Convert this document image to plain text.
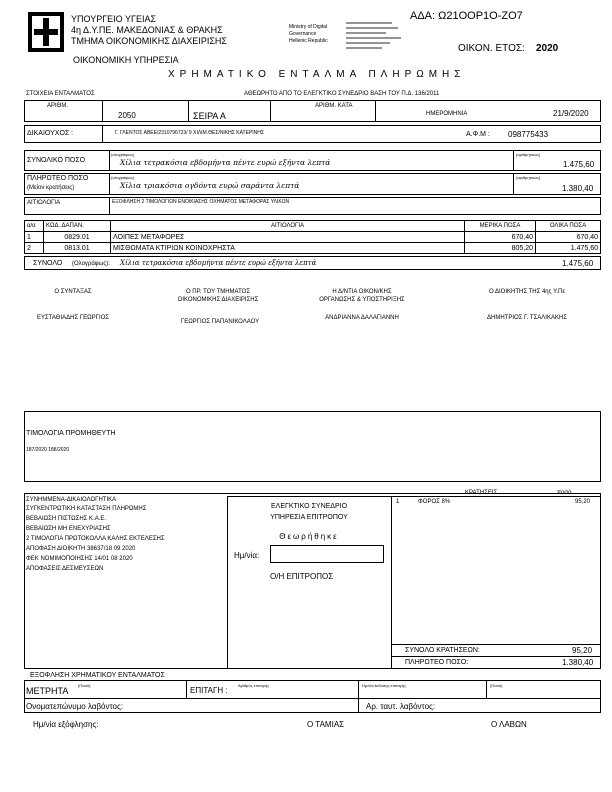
ΥΠΟΥΡΓΕΙΟ ΥΓΕΙΑΣ
4η Δ.Υ.ΠΕ. ΜΑΚΕΔΟΝΙΑΣ & ΘΡΑΚΗΣ
ΤΜΗΜΑ ΟΙΚΟΝΟΜΙΚΗΣ ΔΙΑΧΕΙΡΙΣΗΣ
ΟΙΚΟΝΟΜΙΚΗ ΥΠΗΡΕΣΙΑ
Ministry of Digital
Governance
Hellenic Republic
ΑΔΑ: Ω21ΟΟΡ1Ο-ΖΟ7
ΟΙΚΟΝ. ΕΤΟΣ: 2020
ΧΡΗΜΑΤΙΚΟ ΕΝΤΑΛΜΑ ΠΛΗΡΩΜΗΣ
ΣΤΟΙΧΕΙΑ ΕΝΤΑΛΜΑΤΟΣ	ΑΘΕΩΡΗΤΟ ΑΠΟ ΤΟ ΕΛΕΓΚΤΙΚΟ ΣΥΝΕΔΡΙΟ ΒΑΣΗ ΤΟΥ Π.Δ. 136/2011
ΑΡΙΘΜ.
2050	ΣΕΙΡΑ Α
ΑΡΙΘΜ. ΚΑΤΑ
ΗΜΕΡΟΜΗΝΙΑ	21/9/2020
ΔΙΚΑΙΟΥΧΟΣ :	Γ. ΓΛΕΝΤΟΣ ΑΒΕΕ/2310796723/ 9 ΧΙΛΙΜ.ΘΕΣ/ΝΙΚΗΣ ΚΑΤΕΡΙΝΗΣ	Α.Φ.Μ : 098775433
ΣΥΝΟΛΙΚΟ ΠΟΣΟ
(ολογράφως)
Χίλια τετρακόσια εβδομήντα πέντε ευρώ εξήντα λεπτά
(αριθμητικώς)
1.475,60
ΠΛΗΡΩΤΕΟ ΠΟΣΟ
(Μείον κρατήσεις)
(ολογράφως)
Χίλια τριακόσια ογδόντα ευρώ σαράντα λεπτά
(αριθμητικώς)
1.380,40
ΑΙΤΙΟΛΟΓΙΑ	ΕΞΟΦΛΗΣΗ 2 ΤΙΜΟΛΟΓΙΩΝ ΕΝΟΙΚΙΑΣΗΣ ΟΧΗΜΑΤΟΣ ΜΕΤΑΦΟΡΑΣ ΥΛΙΚΩΝ
α/α	ΚΩΔ. ΔΑΠΑΝ.	ΑΙΤΙΟΛΟΓΙΑ	ΜΕΡΙΚΑ ΠΟΣΑ	ΟΛΙΚΑ ΠΟΣΑ
1	0829.01	ΛΟΙΠΕΣ ΜΕΤΑΦΟΡΕΣ	670,40	670,40
2	0813.01	ΜΙΣΘΩΜΑΤΑ ΚΤΙΡΙΩΝ ΚΟΙΝΟΧΡΗΣΤΑ	805,20	1.475,60
ΣΥΝΟΛΟ (Ολογράφως): Χίλια τετρακόσια εβδομήντα πέντε ευρώ εξήντα λεπτά	1.475,60
Ο ΣΥΝΤΑΞΑΣ
ΕΥΣΤΑΘΙΑΔΗΣ ΓΕΩΡΓΙΟΣ
Ο ΠΡ. ΤΟΥ ΤΜΗΜΑΤΟΣ
ΟΙΚΟΝΟΜΙΚΗΣ ΔΙΑΧΕΙΡΙΣΗΣ
ΓΕΩΡΓΙΟΣ ΠΑΠΑΝΙΚΟΛΑΟΥ
Η Δ/ΝΤΙΑ ΟΙΚΟΝ/ΚΗΣ
ΟΡΓΑΝΩΣΗΣ & ΥΠΟΣΤΗΡΙΞΗΣ
ΑΝΔΡΙΑΝΝΑ ΔΑΛΑΓΙΑΝΝΗ
Ο ΔΙΟΙΚΗΤΗΣ ΤΗΣ 4ης Υ.Πε
ΔΗΜΗΤΡΙΟΣ Γ. ΤΣΑΛΙΚΑΚΗΣ
ΤΙΜΟΛΟΓΙΑ ΠΡΟΜΗΘΕΥΤΗ
187/2020 188/2020
ΣΥΝΗΜΜΕΝΑ-ΔΙΚΑΙΟΛΟΓΗΤΙΚΑ
ΣΥΓΚΕΝΤΡΩΤΙΚΗ ΚΑΤΑΣΤΑΣΗ ΠΛΗΡΩΜΗΣ
ΒΕΒΑΙΩΣΗ ΠΙΣΤΩΣΗΣ Κ.Α.Ε.
ΒΕΒΑΙΩΣΗ ΜΗ ΕΝΕΧΥΡΙΑΣΗΣ
2 ΤΙΜΟΛΟΓΙΑ ΠΡΩΤΟΚΟΛΛΑ ΚΑΛΗΣ ΕΚΤΕΛΕΣΗΣ
ΑΠΟΦΑΣΗ ΔΙΟΙΚΗΤΗ 38637/18 09 2020
ΦΕΚ ΝΟΜΙΜΟΠΟΙΗΣΗΣ 14/01 08 2020
ΑΠΟΦΑΣΕΙΣ ΔΕΣΜΕΥΣΕΩΝ
ΕΛΕΓΚΤΙΚΟ ΣΥΝΕΔΡΙΟ
ΥΠΗΡΕΣΙΑ ΕΠΙΤΡΟΠΟΥ
Θεωρήθηκε
Ημ/νία:
Ο/Η ΕΠΙΤΡΟΠΟΣ
ΚΡΑΤΗΣΕΙΣ	ποσό
1	ΦΟΡΟΣ 8%	95,20
ΣΥΝΟΛΟ ΚΡΑΤΗΣΕΩΝ:	95,20
ΠΛΗΡΩΤΕΟ ΠΟΣΟ:	1.380,40
ΕΞΟΦΛΗΣΗ ΧΡΗΜΑΤΙΚΟΥ ΕΝΤΑΛΜΑΤΟΣ
ΜΕΤΡΗΤΑ
(Ποσό)
ΕΠΙΤΑΓΗ :
Αριθμός επιταγής	Ημ/νία έκδοσης επιταγής	(Ποσό)
Ονοματεπώνυμο λαβόντος:	Αρ. ταυτ. λαβόντος:
Ημ/νία εξόφλησης:	Ο ΤΑΜΙΑΣ	Ο ΛΑΒΩΝ
